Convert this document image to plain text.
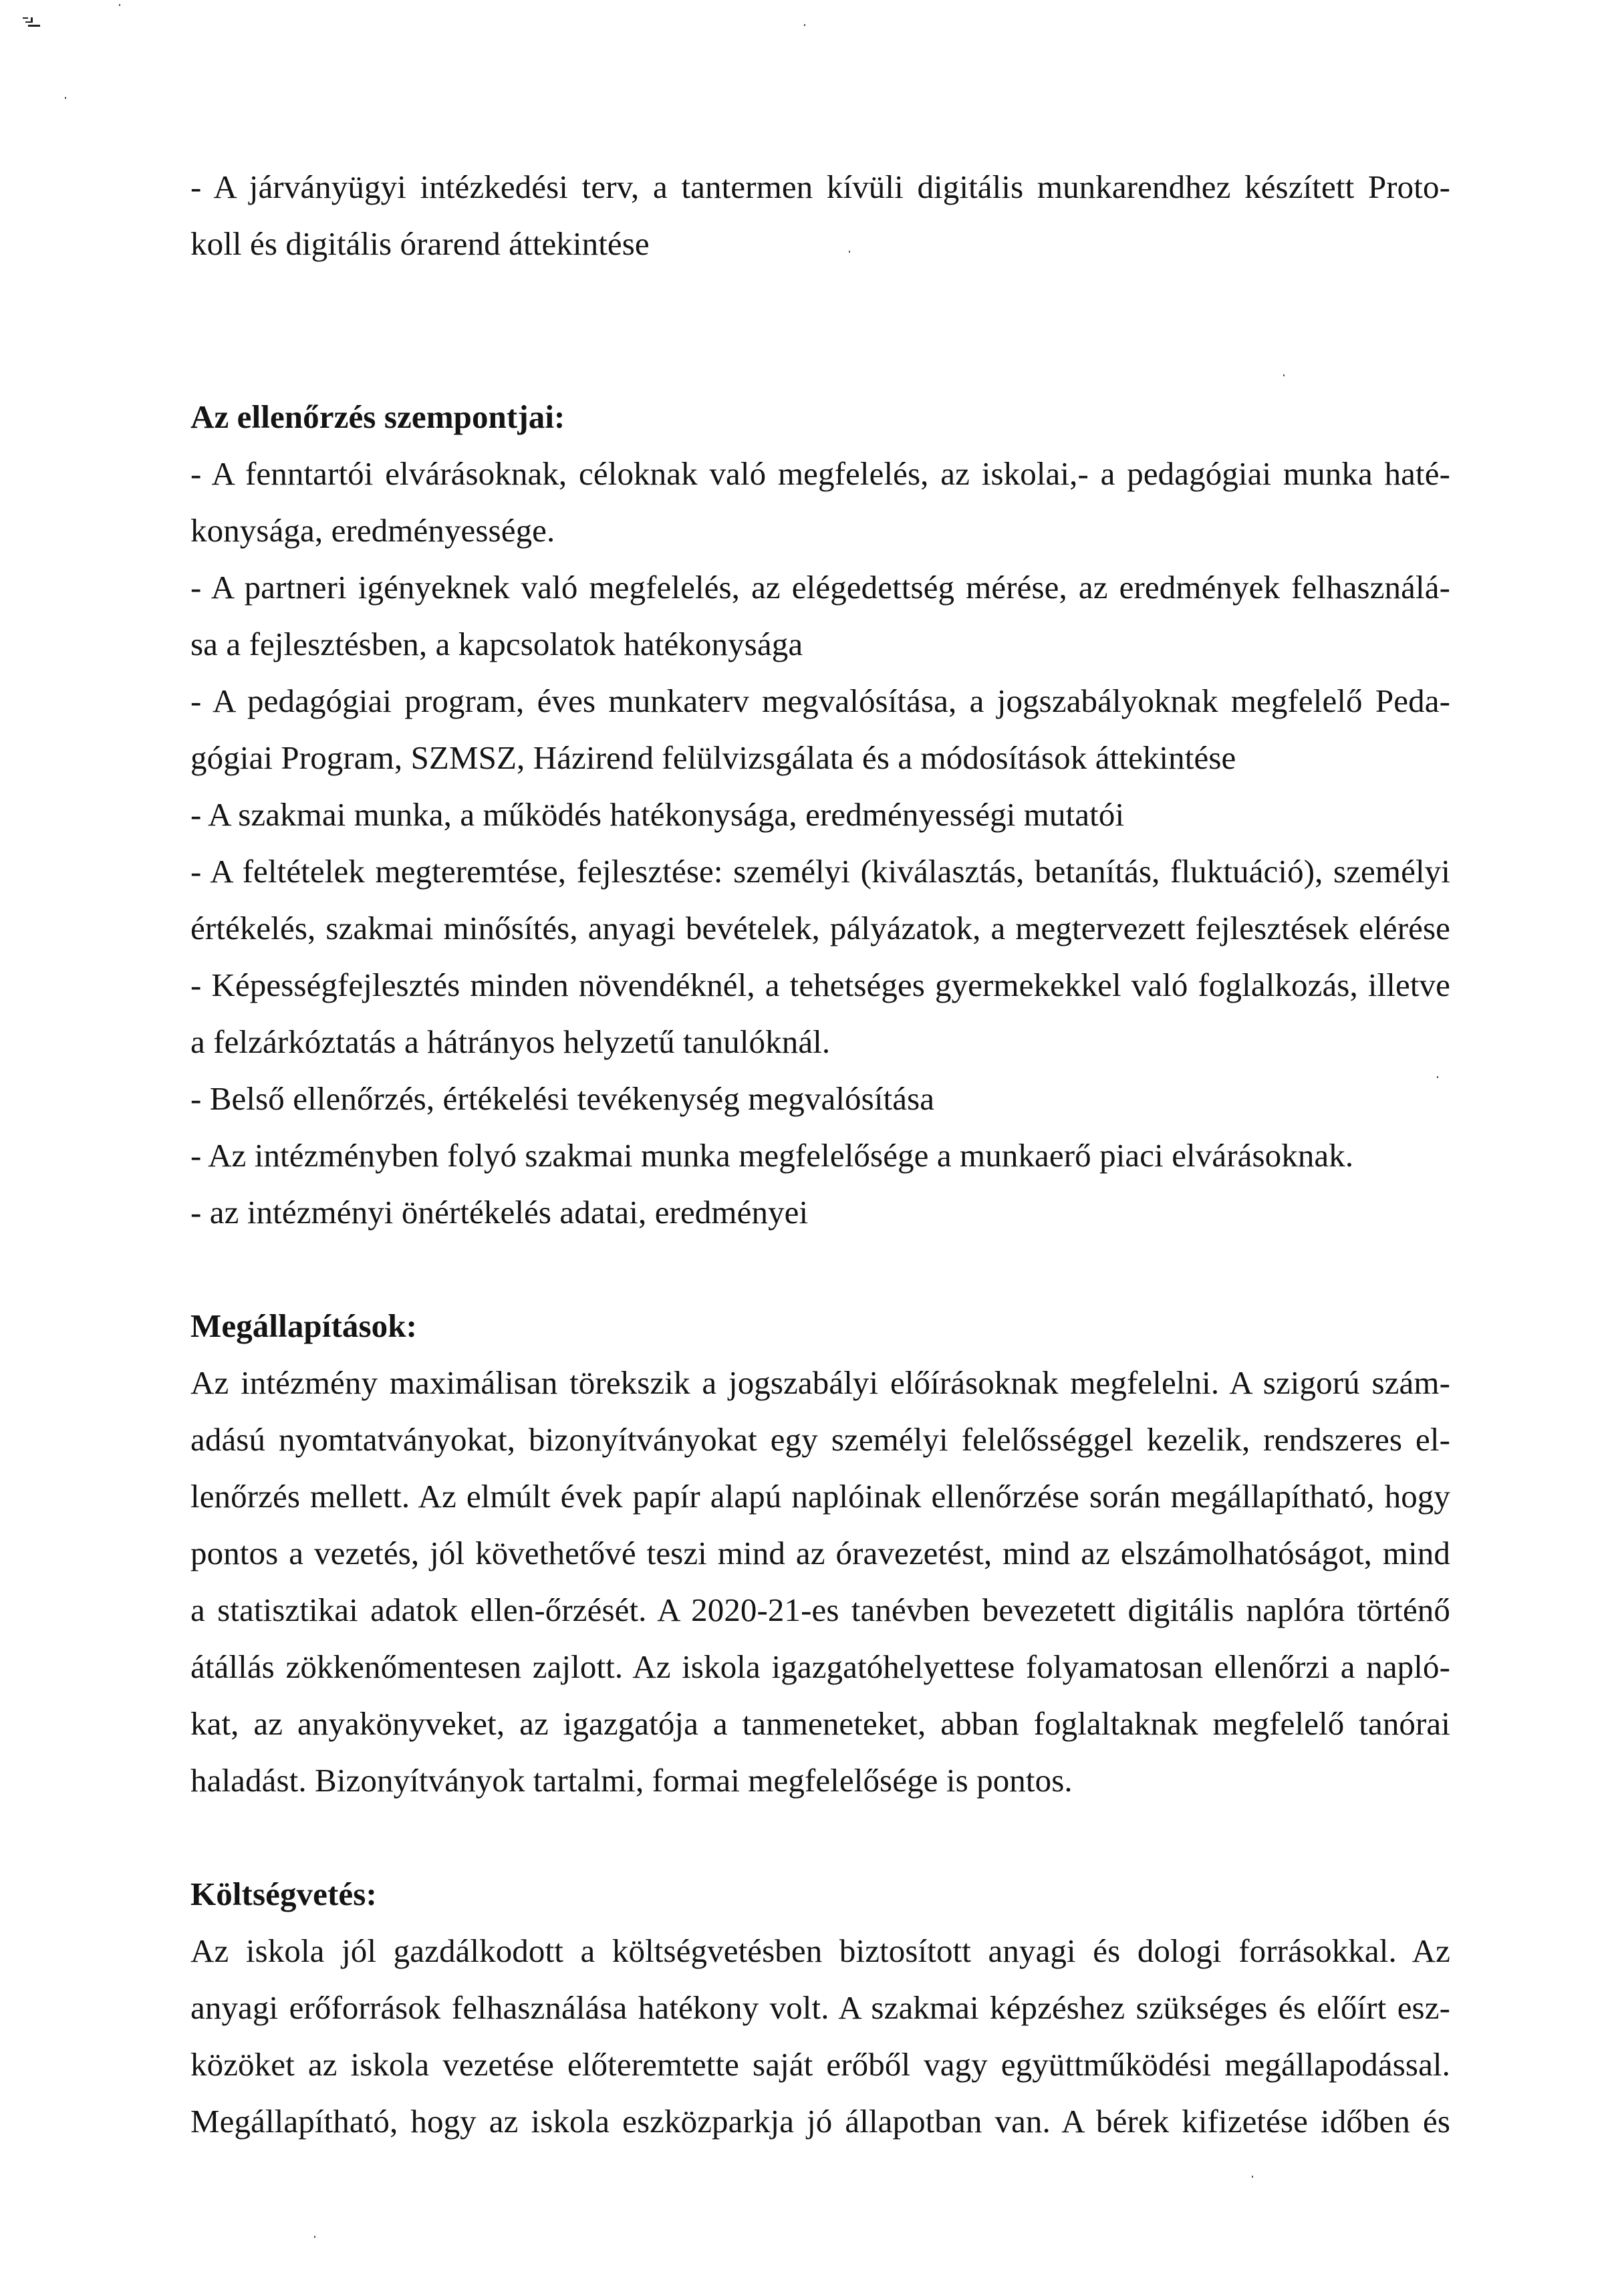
- A járványügyi intézkedési terv, a tantermen kívüli digitális munkarendhez készített Proto-
koll és digitális órarend áttekintése
Az ellenőrzés szempontjai:
- A fenntartói elvárásoknak, céloknak való megfelelés, az iskolai,- a pedagógiai munka haté-
konysága, eredményessége.
- A partneri igényeknek való megfelelés, az elégedettség mérése, az eredmények felhasználá-
sa a fejlesztésben, a kapcsolatok hatékonysága
- A pedagógiai program, éves munkaterv megvalósítása, a jogszabályoknak megfelelő Peda-
gógiai Program, SZMSZ, Házirend felülvizsgálata és a módosítások áttekintése
- A szakmai munka, a működés hatékonysága, eredményességi mutatói
- A feltételek megteremtése, fejlesztése: személyi (kiválasztás, betanítás, fluktuáció), személyi
értékelés, szakmai minősítés, anyagi bevételek, pályázatok, a megtervezett fejlesztések elérése
- Képességfejlesztés minden növendéknél, a tehetséges gyermekekkel való foglalkozás, illetve
a felzárkóztatás a hátrányos helyzetű tanulóknál.
- Belső ellenőrzés, értékelési tevékenység megvalósítása
- Az intézményben folyó szakmai munka megfelelősége a munkaerő piaci elvárásoknak.
- az intézményi önértékelés adatai, eredményei
Megállapítások:
Az intézmény maximálisan törekszik a jogszabályi előírásoknak megfelelni. A szigorú szám-
adású nyomtatványokat, bizonyítványokat egy személyi felelősséggel kezelik, rendszeres el-
lenőrzés mellett. Az elmúlt évek papír alapú naplóinak ellenőrzése során megállapítható, hogy
pontos a vezetés, jól követhetővé teszi mind az óravezetést, mind az elszámolhatóságot, mind
a statisztikai adatok ellen-őrzését. A 2020-21-es tanévben bevezetett digitális naplóra történő
átállás zökkenőmentesen zajlott. Az iskola igazgatóhelyettese folyamatosan ellenőrzi a napló-
kat, az anyakönyveket, az igazgatója a tanmeneteket, abban foglaltaknak megfelelő tanórai
haladást. Bizonyítványok tartalmi, formai megfelelősége is pontos.
Költségvetés:
Az iskola jól gazdálkodott a költségvetésben biztosított anyagi és dologi forrásokkal. Az
anyagi erőforrások felhasználása hatékony volt. A szakmai képzéshez szükséges és előírt esz-
közöket az iskola vezetése előteremtette saját erőből vagy együttműködési megállapodással.
Megállapítható, hogy az iskola eszközparkja jó állapotban van. A bérek kifizetése időben és
